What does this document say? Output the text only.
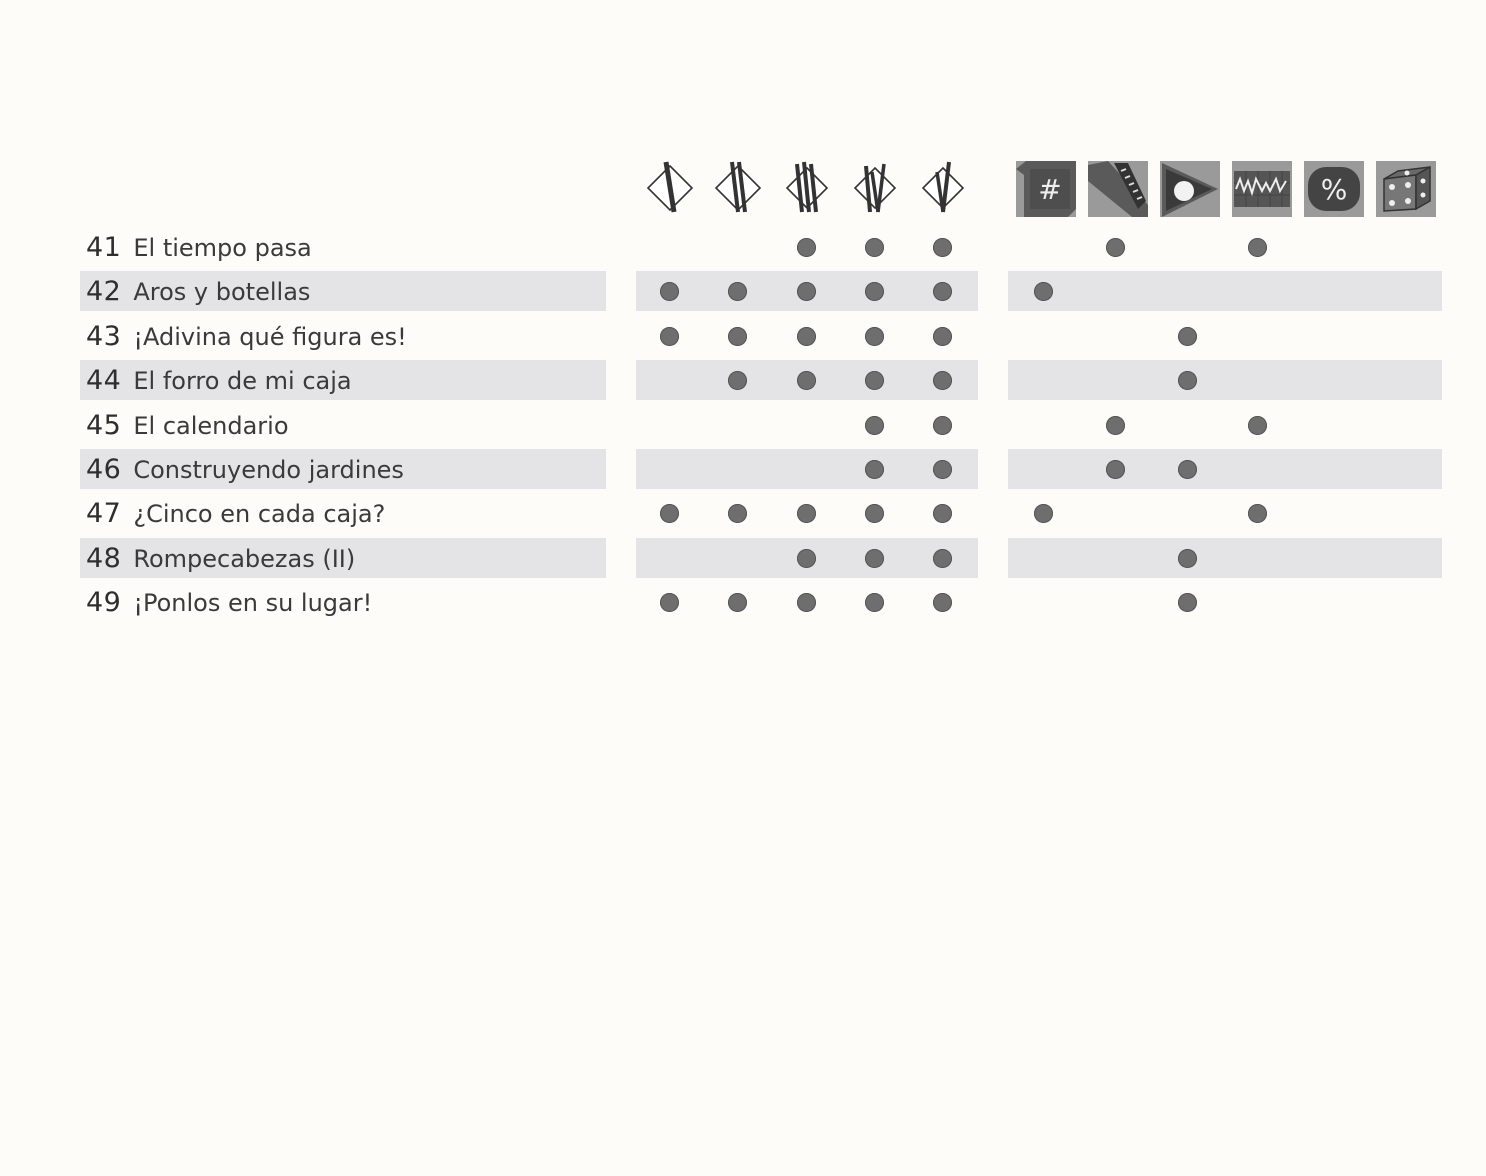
#	%
41 El tiempo pasa
42 Aros y botellas
43 ¡Adivina qué figura es!
44 El forro de mi caja
45 El calendario
46 Construyendo jardines
47 ¿Cinco en cada caja?
48 Rompecabezas (II)
49 ¡Ponlos en su lugar!
